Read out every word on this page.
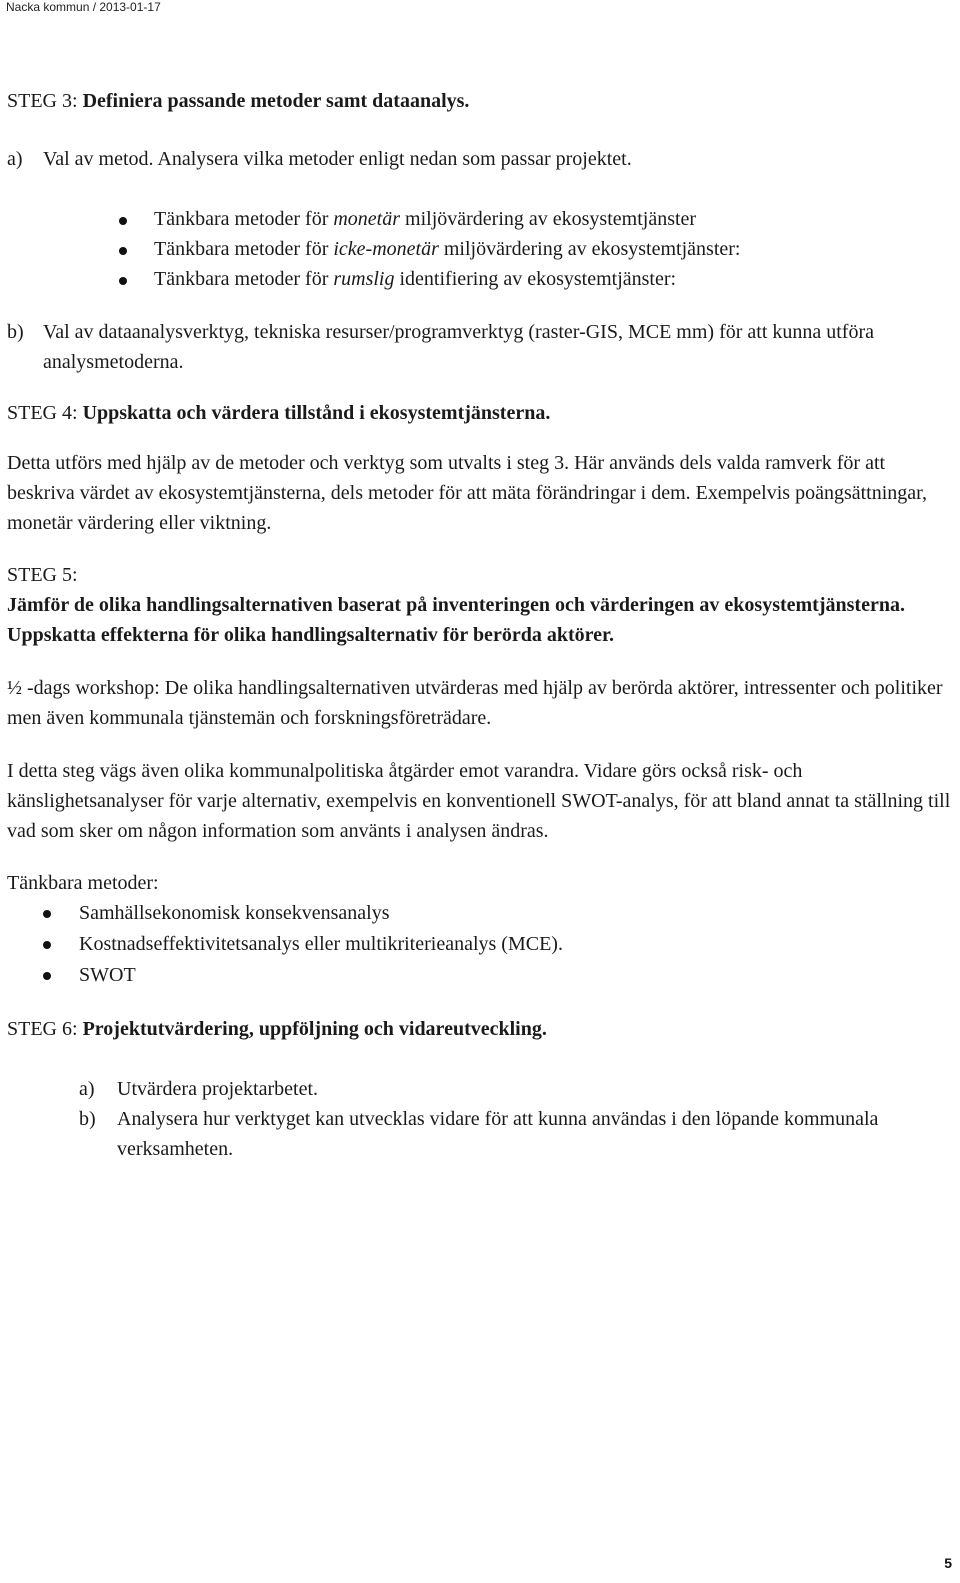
Nacka kommun / 2013-01-17

STEG 3: Definiera passande metoder samt dataanalys.

a) Val av metod. Analysera vilka metoder enligt nedan som passar projektet.

Tänkbara metoder för monetär miljövärdering av ekosystemtjänster
Tänkbara metoder för icke-monetär miljövärdering av ekosystemtjänster:
Tänkbara metoder för rumslig identifiering av ekosystemtjänster:
b) Val av dataanalysverktyg, tekniska resurser/programverktyg (raster-GIS, MCE mm) för att kunna utföra analysmetoderna.

STEG 4: Uppskatta och värdera tillstånd i ekosystemtjänsterna.

Detta utförs med hjälp av de metoder och verktyg som utvalts i steg 3. Här används dels valda ramverk för att beskriva värdet av ekosystemtjänsterna, dels metoder för att mäta förändringar i dem. Exempelvis poängsättningar, monetär värdering eller viktning.

STEG 5:

Jämför de olika handlingsalternativen baserat på inventeringen och värderingen av ekosystemtjänsterna. Uppskatta effekterna för olika handlingsalternativ för berörda aktörer.

½ -dags workshop: De olika handlingsalternativen utvärderas med hjälp av berörda aktörer, intressenter och politiker men även kommunala tjänstemän och forskningsföreträdare.

I detta steg vägs även olika kommunalpolitiska åtgärder emot varandra. Vidare görs också risk- och känslighetsanalyser för varje alternativ, exempelvis en konventionell SWOT-analys, för att bland annat ta ställning till vad som sker om någon information som använts i analysen ändras.

Tänkbara metoder:

Samhällsekonomisk konsekvensanalys
Kostnadseffektivitetsanalys eller multikriterieanalys (MCE).
SWOT

STEG 6: Projektutvärdering, uppföljning och vidareutveckling.

a)	Utvärdera projektarbetet.
b)	Analysera hur verktyget kan utvecklas vidare för att kunna användas i den löpande kommunala verksamheten.
5
